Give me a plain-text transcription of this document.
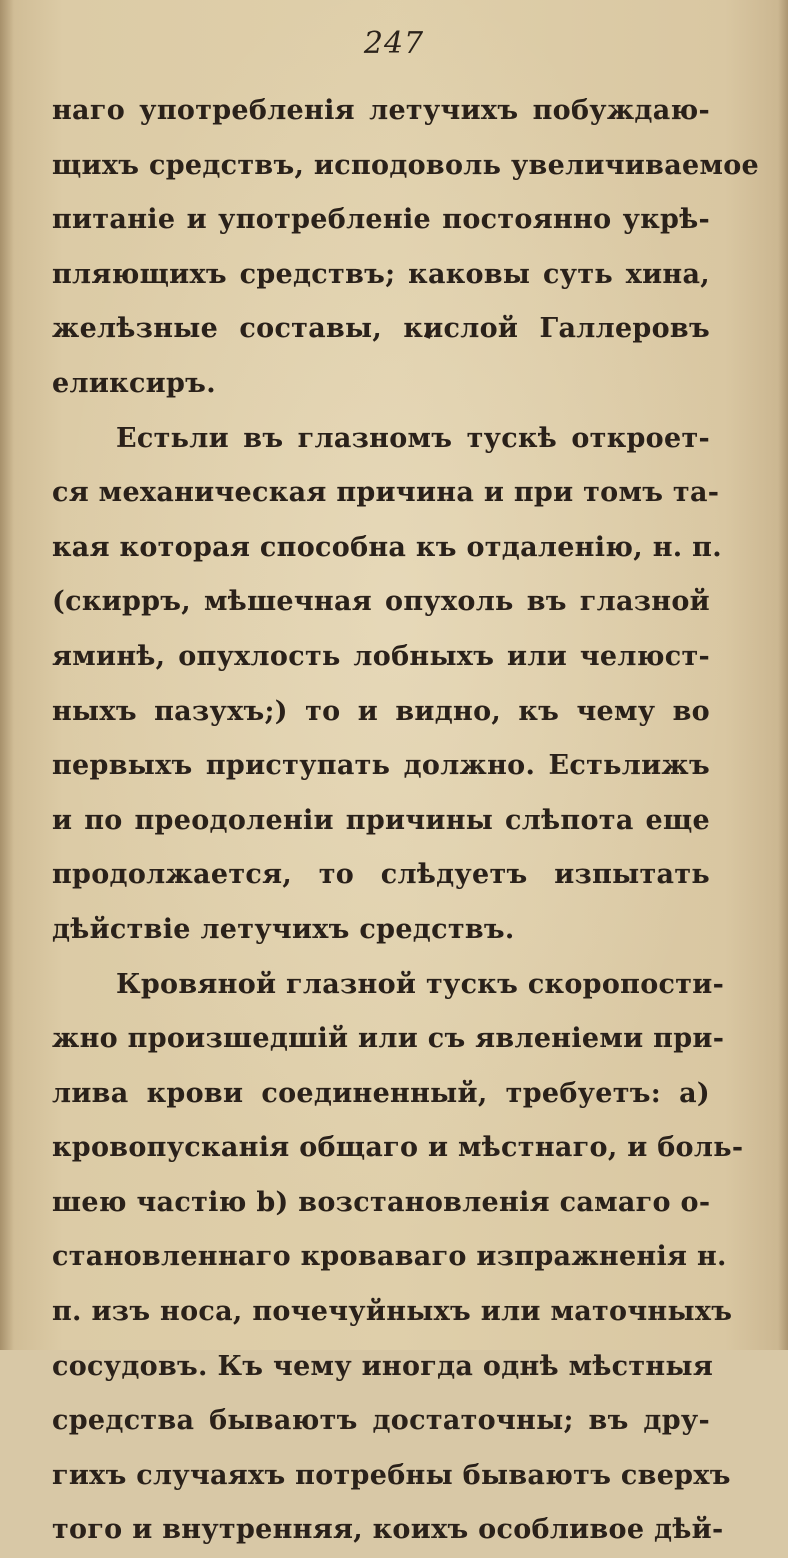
247
наго употребленія летучихъ побуждаю-
щихъ средствъ, исподоволь увеличиваемое
питаніе и употребленіе постоянно укрѣ-
пляющихъ средствъ; каковы суть хина,
желѣзные составы, кислой Галлеровъ
еликсиръ.
Естьли въ глазномъ тускѣ откроет-
ся механическая причина и при томъ та-
кая которая способна къ отдаленію, н. п.
(скирръ, мѣшечная опухоль въ глазной
яминѣ, опухлость лобныхъ или челюст-
ныхъ пазухъ;) то и видно, къ чему во
первыхъ приступать должно. Естьлижъ
и по преодоленіи причины слѣпота еще
продолжается, то слѣдуетъ изпытать
дѣйствіе летучихъ средствъ.
Кровяной глазной тускъ скоропости-
жно произшедшій или съ явленіеми при-
лива крови соединенный, требуетъ: а)
кровопусканія общаго и мѣстнаго, и боль-
шею частію b) возстановленія самаго о-
становленнаго кроваваго изпражненія н.
п. изъ носа, почечуйныхъ или маточныхъ
сосудовъ. Къ чему иногда однѣ мѣстныя
средства бываютъ достаточны; въ дру-
гихъ случаяхъ потребны бываютъ сверхъ
того и внутренняя, коихъ особливое дѣй-
